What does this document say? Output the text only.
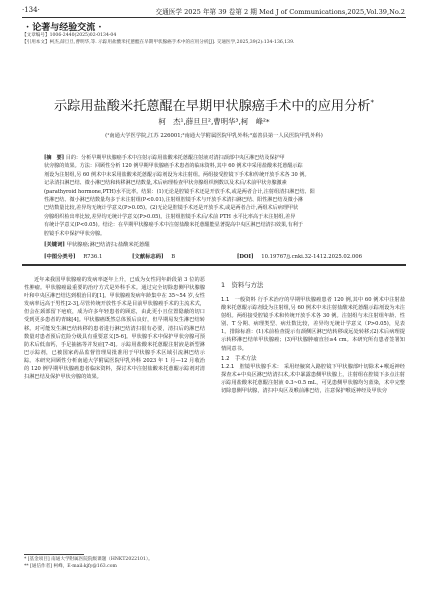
·134·	交通医学 2025 年第 39 卷第 2 期 Med J of Communications,2025,Vol.39,No.2
· 论著与经验交流 ·
【文章编号】1006-2440(2025)02-0134-04
【引用本文】柯杰,薛旦旦,曹明华,等. 示踪用盐酸米托蒽醌在早期甲状腺癌手术中的应用分析[J]. 交通医学,2025,39(2):134-136,139.
示踪用盐酸米托蒽醌在早期甲状腺癌手术中的应用分析*
柯　杰¹,薛旦旦²,曹明华³,柯　峰²*
(¹南通大学医学院,江苏 226001;²南通大学附属医院甲乳外科;³嘉善县第一人民医院甲乳外科)
[摘　要] 目的：分析早期甲状腺癌手术中注射示踪用盐酸米托蒽醌注射液对清扫颈部中央区淋巴结及保护甲
状旁腺的效果。方法：回顾性分析 120 例早期甲状腺癌手术患者的临床资料,其中 60 例术中采用盐酸米托蒽醌示踪
剂设为注射组,另 60 例术中未采用盐酸米托蒽醌示踪剂设为未注射组。两组接受腔镜下手术和传统开放手术各 30 例。
记录清扫淋巴结、微小淋巴结和转移淋巴结数量,术后病理检查甲状旁腺组织例数以及术后/术前甲状旁腺激素
(parathyroid hormone,PTH)水平比率。结果：(1)无论是腔镜手术还是开放手术,或是两者合计,注射组清扫淋巴结、阳
性淋巴结、微小淋巴结数量均多于未注射组(P<0.01),注射组腔镜手术与开放手术清扫淋巴结、阳性淋巴结及微小淋
巴结数量比较,差异均无统计学意义(P>0.05)。(2)无论是腔镜手术还是开放手术,或是两者合计,两组术后病理甲状
旁腺组织检出率比较,差异均无统计学意义(P>0.05)。注射组腔镜手术后/术前 PTH 水平比率高于未注射组,差异
有统计学意义(P<0.05)。结论：在早期甲状腺癌手术中注射盐酸米托蒽醌能显著提高中央区淋巴结清扫效果,有利于
腔镜手术中保护甲状旁腺。
[关键词] 甲状腺癌;淋巴结清扫;盐酸米托蒽醌
[中图分类号] R736.1	[文献标志码] B	[DOI] 10.19767/j.cnki.32-1412.2025.02.006
近年来我国甲状腺癌的发病率逐年上升，已成为女性同年龄段第 3 位的恶性肿瘤。甲状腺癌最重要的治疗方式是外科手术。通过完全切除患侧甲状腺腺叶和中央区淋巴结达到根治目的[1]。甲状腺癌发病年龄集中在 35~54 岁,女性发病率远高于男性[2-3],尽管传统开放性手术是目前甲状腺癌手术的主流术式，但会在颈部留下疤痕，成为许多年轻患者的顾虑，由此更小且位置隐蔽的切口受到更多患者的青睐[4]。甲状腺癌既然总体预后良好，但早期易发生淋巴结转移。对可能发生淋巴结转移的患者进行淋巴结清扫很有必要，清扫后的淋巴结数量对患者预后危险分级具有重要意义[5-6]。甲状腺手术中保护甲状旁腺可预防术后低血钙，手足抽搐等并发症[7-8]。示踪用盐酸米托蒽醌注射液是新型淋巴示踪剂，已被国家药品监督管理局批准用于甲状腺手术区域引流淋巴结示踪。本研究回顾性分析南通大学附属医院甲乳外科 2023 年 1 月—12 月收治的 120 例早期甲状腺癌患者临床资料，探讨术中注射盐酸米托蒽醌示踪剂对清扫淋巴结及保护甲状旁腺的效果。
* [基金项目] 南通大学附属医院院级课题（HNKT2022101）。
** [通信作者] 柯峰，E-mail:kjfy@163.com
1　资料与方法
1.1　一般资料 行手术治疗的早期甲状腺癌患者 120 例,其中 60 例术中注射盐酸米托蒽醌示踪剂设为注射组,另 60 例术中未注射盐酸米托蒽醌示踪剂设为未注射组。两组接受腔镜手术和传统开放手术各 30 例。注射组与未注射组年龄、性别、T 分期、病理类型、病灶数比较，差异均无统计学意义（P>0.05)，见表 1。排除标准：(1)术前检查提示有颈侧区淋巴结转移或远处转移;(2)术后病理提示转移淋巴结单甲状腺癌；(3)甲状腺肿瘤直径≥4 cm。本研究所有患者签署知情同意书。
1.2　手术方法
1.2.1　腔镜甲状腺手术： 采用经腋窝入路腔镜下甲状腺部叶切除术+喉返神经探查术+中央区淋巴结清扫术,术中暴露患侧甲状腺上，注射组在腔镜下多点注射示踪用盐酸米托蒽醌注射液 0.3~0.5 mL，可见患侧甲状腺均匀蓝染，术中完整切除患侧甲状腺，清扫中央区及喉前淋巴结，注意保护喉返神经及甲状旁
